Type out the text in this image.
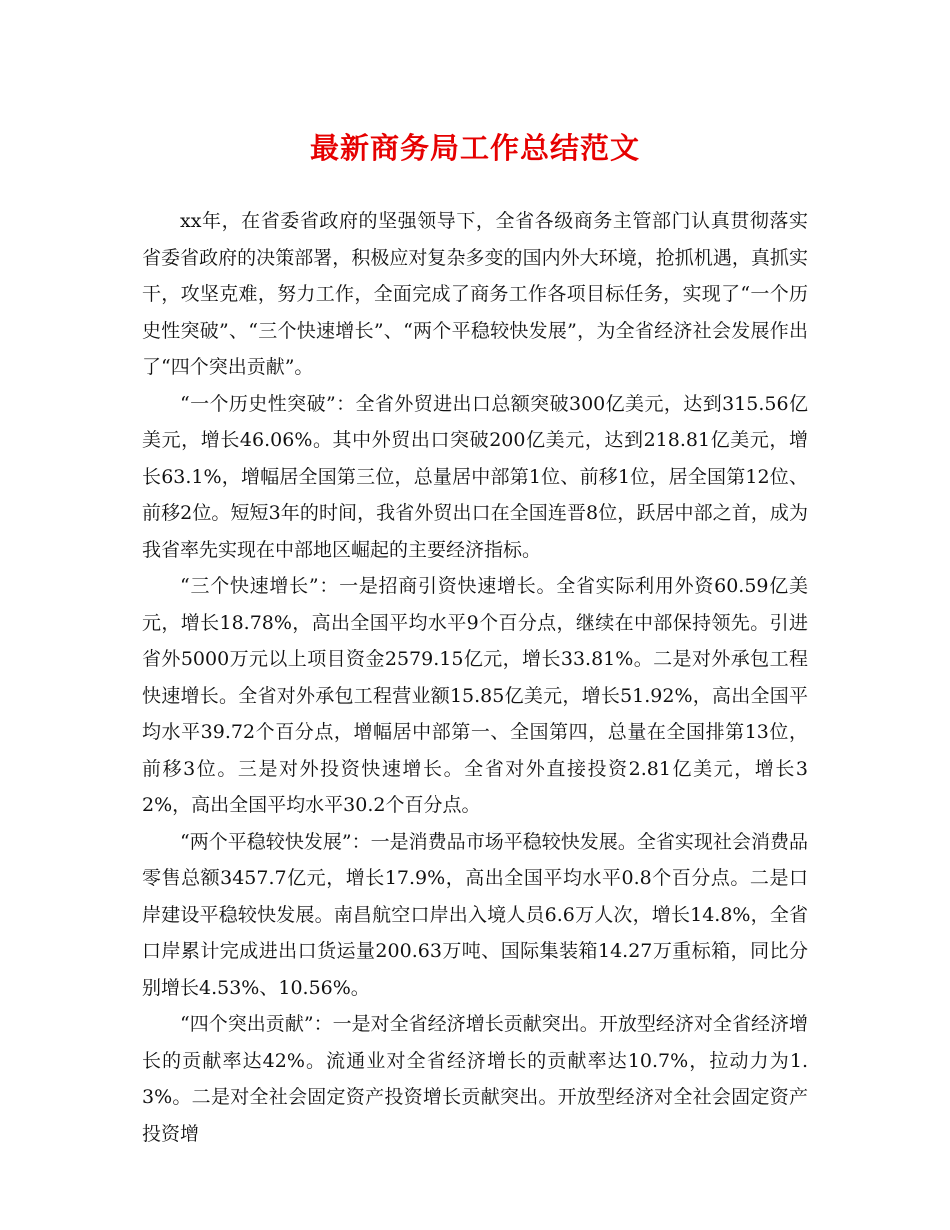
最新商务局工作总结范文

xx年，在省委省政府的坚强领导下，全省各级商务主管部门认真贯彻落实省委省政府的决策部署，积极应对复杂多变的国内外大环境，抢抓机遇，真抓实干，攻坚克难，努力工作，全面完成了商务工作各项目标任务，实现了“一个历史性突破”、“三个快速增长”、“两个平稳较快发展”，为全省经济社会发展作出了“四个突出贡献”。

“一个历史性突破”：全省外贸进出口总额突破300亿美元，达到315.56亿美元，增长46.06%。其中外贸出口突破200亿美元，达到218.81亿美元，增长63.1%，增幅居全国第三位，总量居中部第1位、前移1位，居全国第12位、前移2位。短短3年的时间，我省外贸出口在全国连晋8位，跃居中部之首，成为我省率先实现在中部地区崛起的主要经济指标。

“三个快速增长”：一是招商引资快速增长。全省实际利用外资60.59亿美元，增长18.78%，高出全国平均水平9个百分点，继续在中部保持领先。引进省外5000万元以上项目资金2579.15亿元，增长33.81%。二是对外承包工程快速增长。全省对外承包工程营业额15.85亿美元，增长51.92%，高出全国平均水平39.72个百分点，增幅居中部第一、全国第四，总量在全国排第13位，前移3位。三是对外投资快速增长。全省对外直接投资2.81亿美元，增长32%，高出全国平均水平30.2个百分点。

“两个平稳较快发展”：一是消费品市场平稳较快发展。全省实现社会消费品零售总额3457.7亿元，增长17.9%，高出全国平均水平0.8个百分点。二是口岸建设平稳较快发展。南昌航空口岸出入境人员6.6万人次，增长14.8%，全省口岸累计完成进出口货运量200.63万吨、国际集装箱14.27万重标箱，同比分别增长4.53%、10.56%。

“四个突出贡献”：一是对全省经济增长贡献突出。开放型经济对全省经济增长的贡献率达42%。流通业对全省经济增长的贡献率达10.7%，拉动力为1.3%。二是对全社会固定资产投资增长贡献突出。开放型经济对全社会固定资产投资增
